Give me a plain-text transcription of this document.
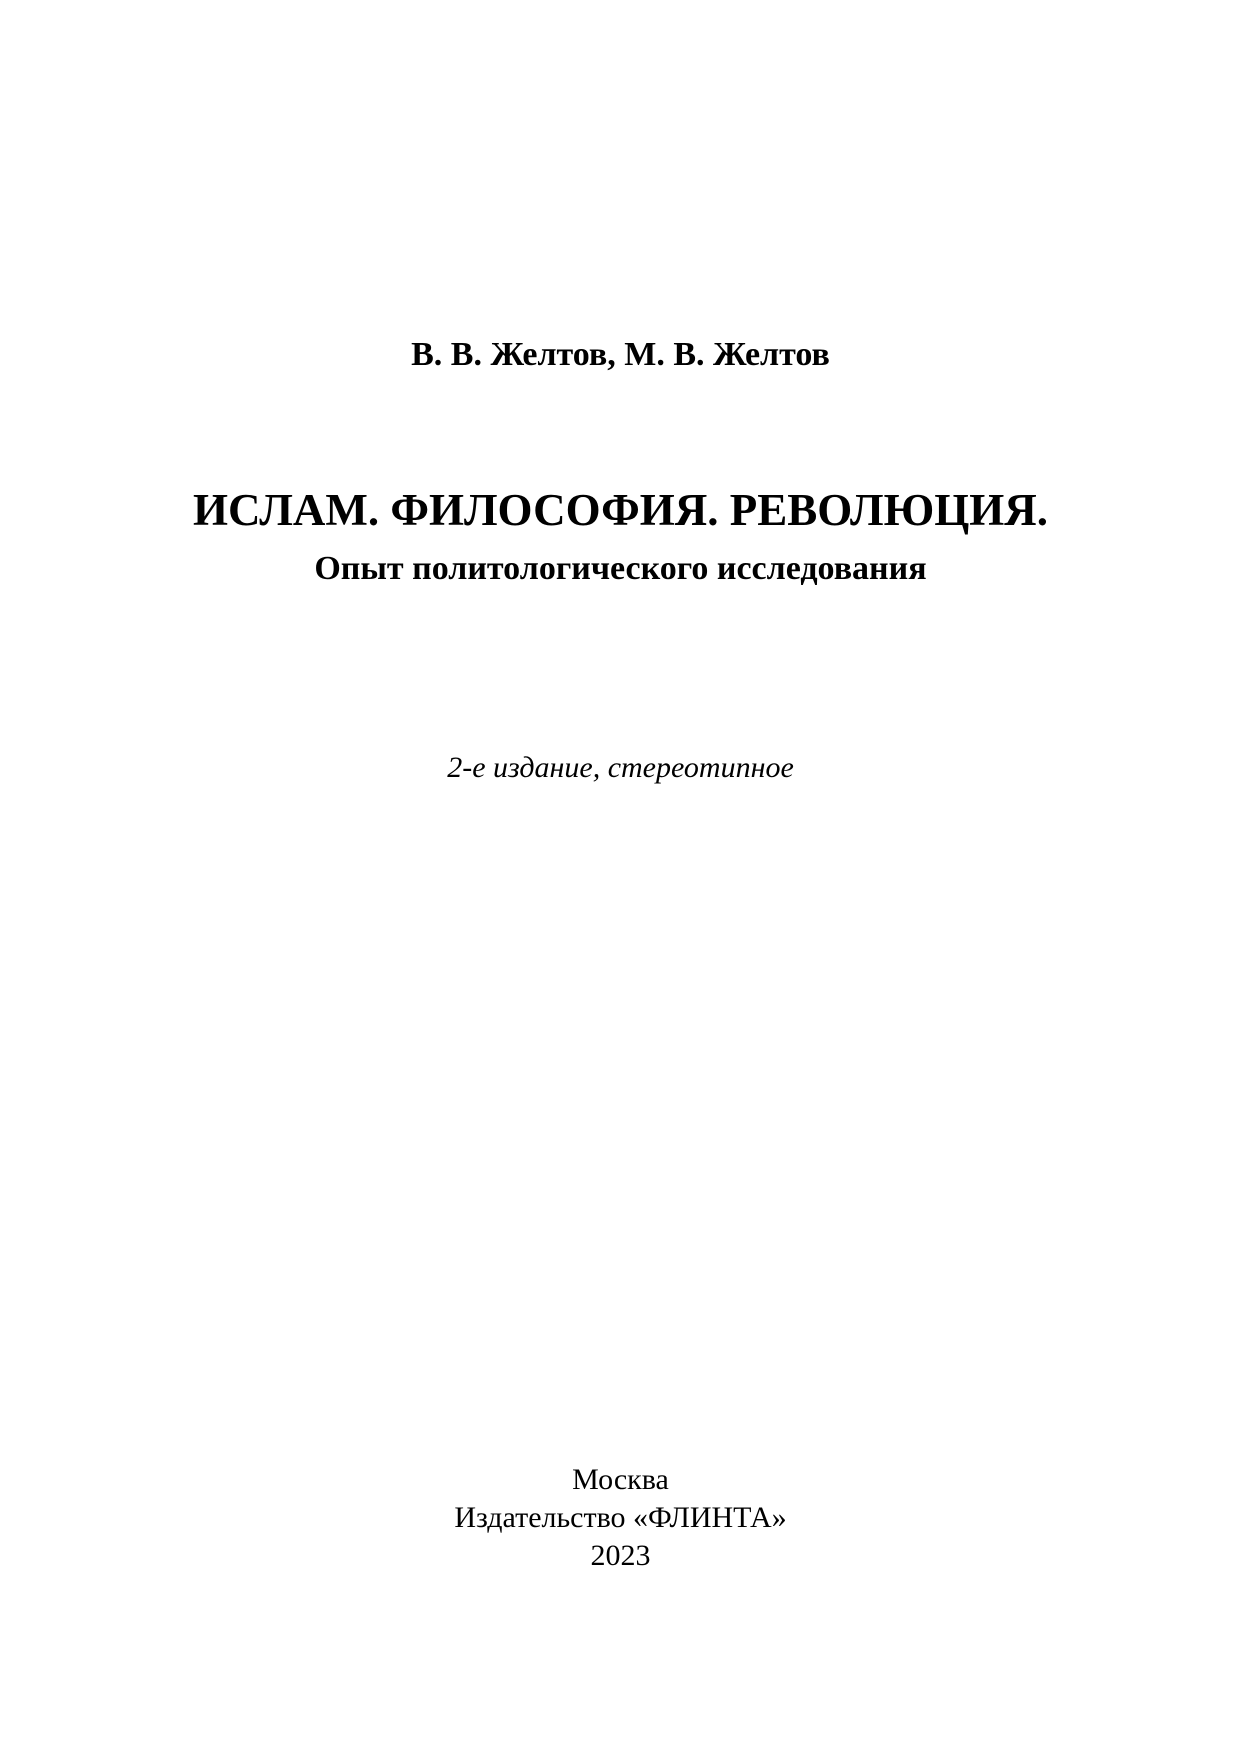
В. В. Желтов, М. В. Желтов

ИСЛАМ. ФИЛОСОФИЯ. РЕВОЛЮЦИЯ.

Опыт политологического исследования

2-е издание, стереотипное

Москва
Издательство «ФЛИНТА»
2023
